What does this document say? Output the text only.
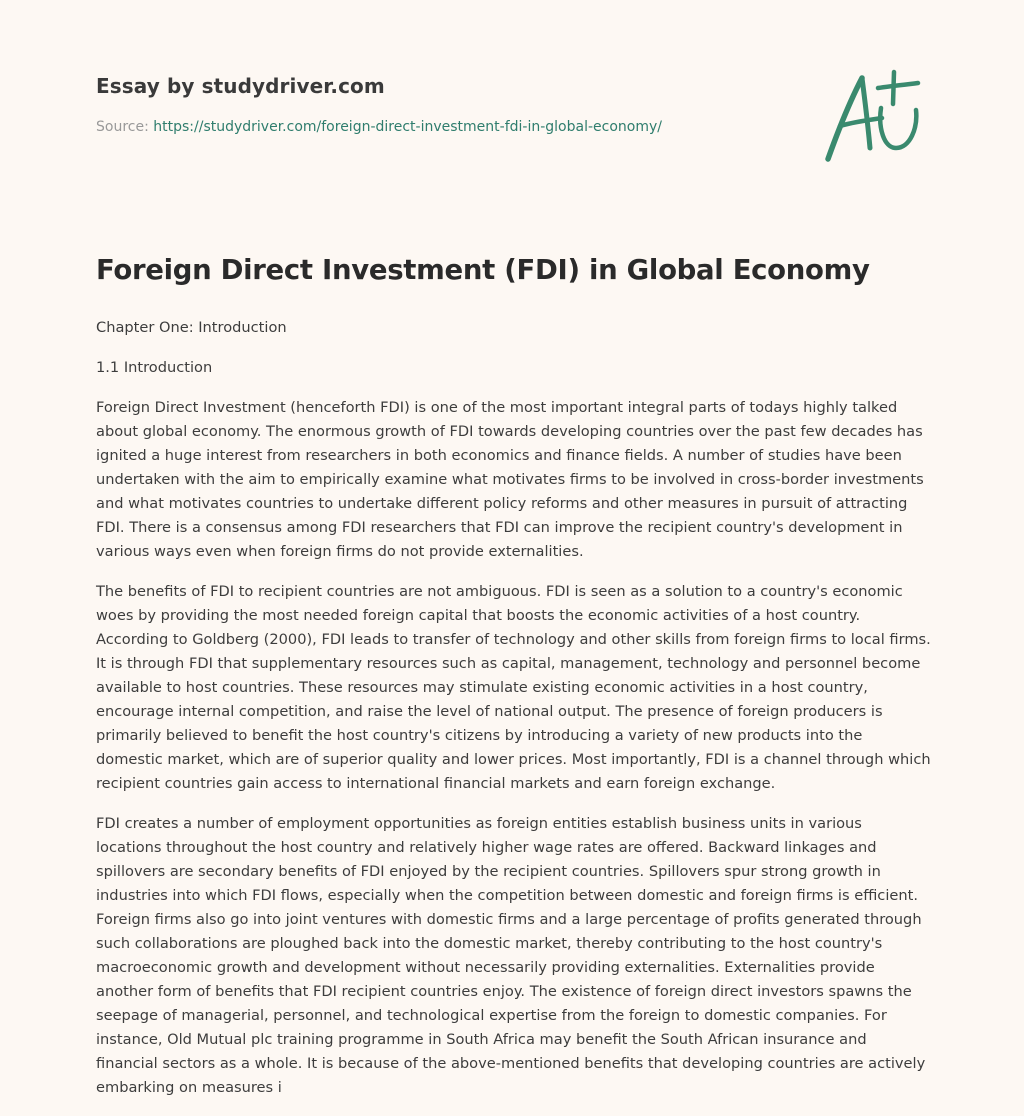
Essay by studydriver.com
Source: https://studydriver.com/foreign-direct-investment-fdi-in-global-economy/
Foreign Direct Investment (FDI) in Global Economy

Chapter One: Introduction

1.1 Introduction

Foreign Direct Investment (henceforth FDI) is one of the most important integral parts of todays highly talked about global economy. The enormous growth of FDI towards developing countries over the past few decades has ignited a huge interest from researchers in both economics and finance fields. A number of studies have been undertaken with the aim to empirically examine what motivates firms to be involved in cross-border investments and what motivates countries to undertake different policy reforms and other measures in pursuit of attracting FDI. There is a consensus among FDI researchers that FDI can improve the recipient country's development in various ways even when foreign firms do not provide externalities.

The benefits of FDI to recipient countries are not ambiguous. FDI is seen as a solution to a country's economic woes by providing the most needed foreign capital that boosts the economic activities of a host country. According to Goldberg (2000), FDI leads to transfer of technology and other skills from foreign firms to local firms. It is through FDI that supplementary resources such as capital, management, technology and personnel become available to host countries. These resources may stimulate existing economic activities in a host country, encourage internal competition, and raise the level of national output. The presence of foreign producers is primarily believed to benefit the host country's citizens by introducing a variety of new products into the domestic market, which are of superior quality and lower prices. Most importantly, FDI is a channel through which recipient countries gain access to international financial markets and earn foreign exchange.

FDI creates a number of employment opportunities as foreign entities establish business units in various locations throughout the host country and relatively higher wage rates are offered. Backward linkages and spillovers are secondary benefits of FDI enjoyed by the recipient countries. Spillovers spur strong growth in industries into which FDI flows, especially when the competition between domestic and foreign firms is efficient. Foreign firms also go into joint ventures with domestic firms and a large percentage of profits generated through such collaborations are ploughed back into the domestic market, thereby contributing to the host country's macroeconomic growth and development without necessarily providing externalities. Externalities provide another form of benefits that FDI recipient countries enjoy. The existence of foreign direct investors spawns the seepage of managerial, personnel, and technological expertise from the foreign to domestic companies. For instance, Old Mutual plc training programme in South Africa may benefit the South African insurance and financial sectors as a whole. It is because of the above-mentioned benefits that developing countries are actively embarking on measures i
